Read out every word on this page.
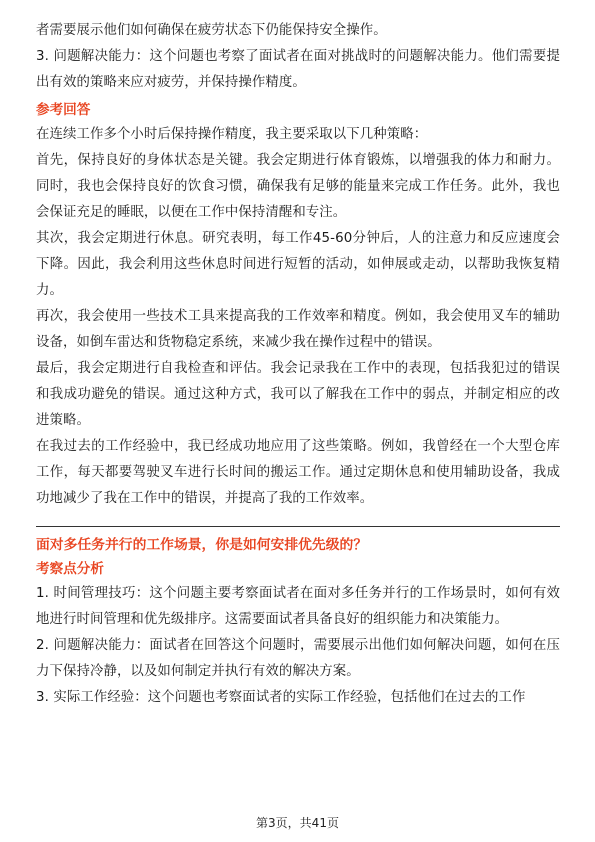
者需要展示他们如何确保在疲劳状态下仍能保持安全操作。

3. 问题解决能力：这个问题也考察了面试者在面对挑战时的问题解决能力。他们需要提出有效的策略来应对疲劳，并保持操作精度。

参考回答

在连续工作多个小时后保持操作精度，我主要采取以下几种策略：

首先，保持良好的身体状态是关键。我会定期进行体育锻炼，以增强我的体力和耐力。同时，我也会保持良好的饮食习惯，确保我有足够的能量来完成工作任务。此外，我也会保证充足的睡眠，以便在工作中保持清醒和专注。

其次，我会定期进行休息。研究表明，每工作45-60分钟后，人的注意力和反应速度会下降。因此，我会利用这些休息时间进行短暂的活动，如伸展或走动，以帮助我恢复精力。

再次，我会使用一些技术工具来提高我的工作效率和精度。例如，我会使用叉车的辅助设备，如倒车雷达和货物稳定系统，来减少我在操作过程中的错误。

最后，我会定期进行自我检查和评估。我会记录我在工作中的表现，包括我犯过的错误和我成功避免的错误。通过这种方式，我可以了解我在工作中的弱点，并制定相应的改进策略。

在我过去的工作经验中，我已经成功地应用了这些策略。例如，我曾经在一个大型仓库工作，每天都要驾驶叉车进行长时间的搬运工作。通过定期休息和使用辅助设备，我成功地减少了我在工作中的错误，并提高了我的工作效率。

面对多任务并行的工作场景，你是如何安排优先级的？

考察点分析

1. 时间管理技巧：这个问题主要考察面试者在面对多任务并行的工作场景时，如何有效地进行时间管理和优先级排序。这需要面试者具备良好的组织能力和决策能力。

2. 问题解决能力：面试者在回答这个问题时，需要展示出他们如何解决问题，如何在压力下保持冷静，以及如何制定并执行有效的解决方案。

3. 实际工作经验：这个问题也考察面试者的实际工作经验，包括他们在过去的工作

第3页，共41页
